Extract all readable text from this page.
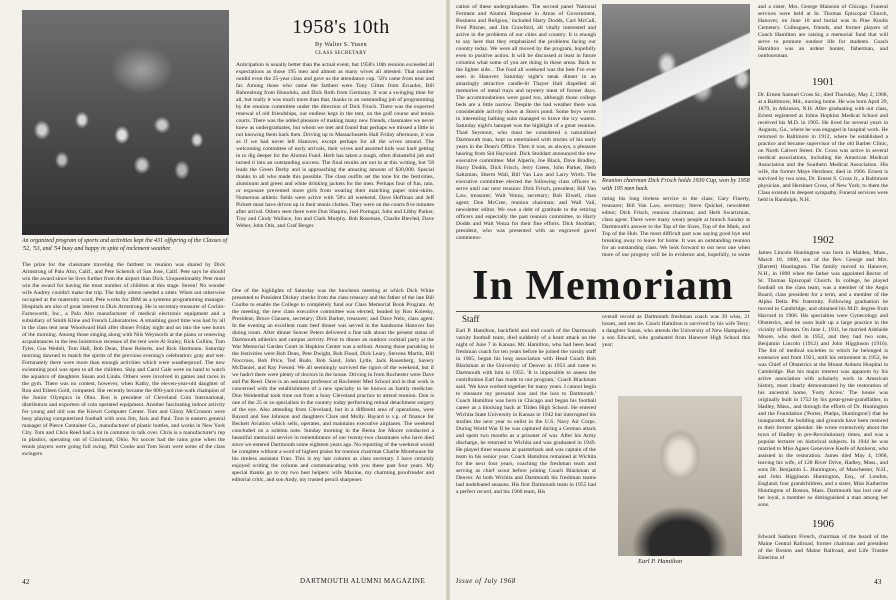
An organized program of sports and activities kept the 431 offspring of the Classes of '52, '53, and '54 busy and happy in spite of inclement weather.
1958's 10th
By Walter S. Yusen
CLASS SECRETARY
Anticipation is usually better than the actual event, but 1958's 10th reunion exceeded all expectations as those 195 men and almost as many wives all attested. That number outdid even the 25-year class and gave us the attendance cup. '58's came from near and far. Among those who came the farthest were Tony Gittes from Ecuador, Bill Bahrenburg from Honolulu, and Dick Roth from Germany. It was a swinging time for all, but really it was much more than that, thanks to an outstanding job of programming by the reunion committee under the direction of Dick Frisch. There was the expected renewal of old friendships, our endless kegs in the tent, on the golf course and tennis courts. There was the added pleasure of making many new friends, classmates we never knew as undergraduates, but whom we met and found that perhaps we missed a little in not knowing them back then. Driving up to Massachusetts Hall Friday afternoon, it was as if we had never left Hanover, except perhaps for all the wives around. The welcoming committee of early arrivals, their wives and assorted kids was hard getting in to dig deeper for the Alumni Fund. Herb has taken a tough, often distasteful job and turned it into an outstanding success. The final results are not in at this writing, but '58 leads the Green Derby and is approaching the amazing amount of $30,000. Special thanks to all who made this possible. The class outfits set the tone for the festivities, aluminum and green and white drinking jackets for the men. Perhaps four of fun, rain, or exposure prevented more girls from wearing their matching paper mini-skirts. Numerous athletic fields were active with '58's all weekend. Dave Hoffman and Jeff Pickett must have driven up in their tennis clothes. They were on the courts five minutes after arrival. Others seen there were Don Shapiro, Joel Portugal, John and Libby Parker, Tray and Cindy Wallace, Jon and Clark Murphy. Bob Roseman, Charlie Blevled, Dave Weber, John Otis, and Graf Berger.
The prize for the classmate traveling the farthest to reunion was shared by Dick Armstrong of Palo Alto, Calif., and Pete Schenck of San Jose, Calif. Pete says he should win the award since he lives further from the airport than Dick. Unquestionably Pete must win the award for having the most number of children at this stage. Seven! No wonder wife Audrey couldn't make the trip. The baby sitters needed a sitter. When not otherwise occupied at the maternity ward, Pete works for IBM as a systems programming manager. Hospitals are also of great interest to Dick Armstrong. He is secretary-treasurer of Corbin-Farnsworth, Inc., a Palo Alto manufacturer of medical electronic equipment and a subsidiary of Smith Kline and French Laboratories. A smashing good time was had by all in the class tent near Woodward Hall after dinner Friday night and on into the wee hours of the morning. Among those singing along with Nils Weyssorth at the piano or renewing acquaintances in the less boisterous recesses of the tent were Al Staley, Rick Collins, Tom Tyler, Gus Wedell, Tom Hall, Bob Dean, Dune Roberts, and Rick Hartmann. Saturday morning dawned to match the spirits of the previous evening's celebration: gray and wet. Fortunately there were more than enough activities which were weatherproof. The new swimming pool was open to all the children. Skip and Carol Gale were on hand to watch the aquatics of daughters Susan and Linda. Others were involved in games and races in the gym. There was no contest, however, when Kathy, the eleven-year-old daughter of Ron and Eileen Gold, competed. She recently became the 600-yard run-walk champion of the Junior Olympics in Ohio. Ron is president of Cleveland Coin International, distributors and exporters of coin operated equipment. Another fascinating indoor activity for young and old was the Kiewit Computer Center. Tom and Ginny McCrosson were busy playing computerized football with sons Jim, Jack and Paul. Tom is eastern general manager of Pierce Container Co., manufacturer of plastic bottles, and works in New York City. Tom and Chris Reed had a lot in common to talk over. Chris is a manufacturer's rep in plastics, operating out of Cincinnati, Ohio. No soccer had the rains gone when the tennis players were going full swing. Phil Cooke and Tom Scott were some of the class swingers.
One of the highlights of Saturday was the luncheon meeting at which Dick White presented to President Dickey checks from the class treasury and the father of the late Bill Coulbo to enable the College to completely fund our Class Memorial Book Program. At the meeting, the new class executive committee was elected, headed by Ron Kolesky, President; Bruce Clausen, secretary; Dick Barker, treasurer; and Dave Nelo, class agent. In the evening an excellent roast beef dinner was served in the handsome Hanover Inn dining room. After dinner Seaver Peters delivered a fine talk about the present status of Dartmouth athletics and campus activity. Prior to dinner an outdoor cocktail party at the War Memorial Garden Court in Hopkins Center was a sellout. Among those partaking in the festivities were Bob Dean, Pete Dwight, Bob Flood, Dick Leary, Stevens Martin, Bill Noccross, Bob Price, Ted Rudo, Bob Sand, John Lytle, Jack Rosenberg, Savery McDaniel, and Ray Freund. We all seemingly survived the rigors of the weekend, but if we hadn't there were plenty of doctors in the house. Driving in from Rochester were Dave and Pat Reed. Dave is an assistant professor at Rochester Med School and in that work is concerned with the establishment of a new specialty to be known as family medicine. Don Weidenthal took time out from a busy Cleveland practice to attend reunion. Don is one of the 25 or so specialists in the country today performing retinal detachment surgery of the eye. Also attending from Cleveland, but in a different area of operations, were Bayard and Sue Johnson and daughters Clare and Molly. Bayard is v.p. of finance for Beckett Aviation which sells, operates, and maintains executive airplanes. The weekend concluded on a solemn note. Sunday morning in the Bema Joe Moore conducted a beautiful memorial service in remembrance of our twenty-two classmates who have died since we entered Dartmouth some eighteen years ago. No reporting of the weekend would be complete without a word of highest praise for reunion chairman Charlie Morehouse for his tireless assistant Fran. This is my last column as class secretary. I have certainly enjoyed writing the column and communicating with you these past four years. My special thanks go to my two best helpers: wife Maxine, my charming proofreader and editorial critic, and son Andy, my trusted pencil sharpener.
42	DARTMOUTH ALUMNI MAGAZINE
cation of these undergraduates. The second panel 'National Ferment and Alumni Response in Areas of Government, Business and Religion,' included Harry Dodds, Carl McCall, Fred Pitzner, and Jim Crawford, all vitally interested and active in the problems of our cities and country. It is enough to say here that they emphasized the problems facing our country today. We were all moved by the program, hopefully even to positive action. It will be discussed at least in future columns what some of you are doing in these areas. Back to the lighter side... The food all weekend was the best I've ever seen in Hanover. Saturday night's steak dinner in an amazingly attractive candle-lit Thayer Hall dispelled all memories of metal trays and mystery meat of former days. The accommodations were good too, although those college beds are a little narrow. Despite the bad weather there was considerable activity down at Storrs pond. Some boys wrote in interesting bathing suits managed to brave the icy waters. Saturday night's banquet was the highlight of a great reunion. Thad Seymour, who must be considered a naturalized Dartmouth man, kept us entertained with stories of his early years in the Dean's Office. Then it was, as always, a pleasure hearing from Sid Hayward. Dick Stoddart announced the new executive committee: Mel Alperin, Joe Black, Dave Bradley, Harry Dodds, Dick Frisch, Jerry Green, John Parker, Herb Saltzman, Sherm Wall, Bill Van Law and Larry Wirth. The executive committee elected the following class officers to serve until our next reunion: Dick Frisch, president; Bill Van Law, treasurer; Walt Venza, secretary; Bob Elwell, class agent; Don McCree, reunion chairman; and Wall Vail, newsletter editor. We owe a debt of gratitude to the retiring officers and especially the past reunion committee, to Harry Dodds and Walt Venza for their fine efforts. Dick Stoddart, president, who was presented with an engraved gavel commemo-
Reunion chairman Dick Frisch holds 1930 Cup, won by 1958 with 195 men back.
rating his long tireless service to the class; Gary Finerty, treasurer; Bill Van Law, secretary; Steve Quickel, newsletter editor; Dick Frisch, reunion chairman; and Herb Swartzman, class agent. There were many weary people at brunch Sunday at Dartmouth's answer to the Top of the Sixes, Top of the Mark, and Top of the Hub. The most difficult part was saying good bye and breaking away to leave for home. It was an outstanding reunion for an outstanding class. We look forward to our next one when more of our progeny will be in evidence and, hopefully, to some
In Memoriam
Staff
Earl P. Hamilton, backfield and end coach of the Dartmouth varsity football team, died suddenly of a heart attack on the night of June 7 in Kansas. Mr. Hamilton, who had been head freshman coach for ten years before he joined the varsity staff in 1965, began his long association with Head Coach Bob Blackman at the University of Denver in 1953 and came to Dartmouth with him in 1955. 'It is impossible to assess the contribution Earl has made to our program,' Coach Blackman said. 'We have worked together for many years. I cannot begin to measure my personal loss and the loss to Dartmouth.' Coach Hamilton was born in Chicago and began his football career as a blocking back at Tilden High School. He entered Wichita State University in Kansas in 1942 but interrupted his studies the next year to enlist in the U.S. Navy Air Corps. During World War II he was captured during a German attack and spent two months as a prisoner of war. After his Army discharge, he returned to Wichita and was graduated in 1949. He played three seasons at quarterback and was captain of the team in his senior year. Coach Hamilton remained at Wichita for the next four years, coaching the freshman team and serving as chief scout before joining Coach Blackman at Denver. At both Wichita and Dartmouth his freshman teams had undefeated seasons. His first Dartmouth team in 1955 had a perfect record, and his 1960 team, His
overall record as Dartmouth freshman coach was 39 wins, 21 losses, and one tie. Coach Hamilton is survived by his wife Terry; a daughter Susan, who attends the University of New Hampshire; a son Edward, who graduated from Hanover High School this year;
Earl P. Hamilton
and a sister, Mrs. George Mansion of Chicago. Funeral services were held at St. Thomas Episcopal Church, Hanover, on June 10 and burial was in Pine Knolls Cemetery. Colleagues, friends, and former players of Coach Hamilton are raising a memorial fund that will serve to promote outdoor life for students. Coach Hamilton was an ardent hunter, fisherman, and outdoorsman.
1901
Dr. Ernest Samuel Cross Sr., died Thursday, May 2, 1968, at a Baltimore, Md., nursing home. He was born April 29, 1879, in Atkinson, N.H. After graduating with our class, Ernest registered at Johns Hopkins Medical School and received his M.D. in 1905. He lived for several years in Augusta, Ga., where he was engaged in hospital work. He returned to Baltimore in 1912, where he established a practice and became supervisor of the old Barber Clinic, on North Calvert Street. Dr. Cross was active in several medical associations, including the American Medical Association and the Southern Medical Association. His wife, the former Maye Hershner, died in 1966. Ernest is survived by two sons, Dr. Ernest S. Cross Jr., a Baltimore physician, and Hershner Cross, of New York; to them the Class extends its deepest sympathy. Funeral services were held in Randolph, N.H.
1902
James Lincoln Huntington was born in Malden, Mass., March 10, 1880, son of the Rev. George and Mrs. (Barrett) Huntington. The family moved to Hanover, N.H., in 1890 when the father was appointed Rector of St. Thomas Episcopal Church. In college, he played football on the class team, was a member of the Aegis Board, class president for a term, and a member of the Alpha Delta Phi fraternity. Following graduation he moved to Cambridge, and obtained his M.D. degree from Harvard in 1906. His specialties were Gynecology and Obstetrics, and he soon built up a large practice in the vicinity of Boston. On June 1, 1911, he married Adelaide Moore, who died in 1952, and they had two sons, Benjamin Lincoln (1912) and John Higginson (1916). The list of medical societies to which he belonged is extensive and from 1921, until his retirement in 1952, he was Chief of Obstetrics at the Mount Auburn Hospital in Cambridge. But his major interest was apparent by his active association with scholarly work in American history, most clearly demonstrated by the restoration of his ancestral home, 'Forty Acres.' The house was originally built in 1752 by his great-great-grandfather, in Hadley, Mass., and through the efforts of Dr. Huntington and the Foundation ('Porter, Phelps, Huntington') that he inaugurated, the building and grounds have been restored to their former splendor. He wrote extensively about the town of Hadley in pre-Revolutionary times, and was a popular lecturer on historical subjects. In 1944 he was married to Miss Agnes Genevieve Keefe of Amherst, who assisted in the restoration. James died May 4, 1968, leaving his wife, of 128 River Drive, Hadley, Mass., and sons Dr. Benjamin L. Huntington, of Manchester, N.H., and John Higginson Huntington, Esq., of London, England; four grandchildren, and a sister, Miss Katherine Huntington of Boston, Mass. Dartmouth has lost one of her loyal, a member so distinguished a man among her sons.
1906
Edward Sanborn French, chairman of the board of the Maine Central Railroad, former chairman and president of the Boston and Maine Railroad, and Life Trustee Emeritus of
Issue of July 1968	43
